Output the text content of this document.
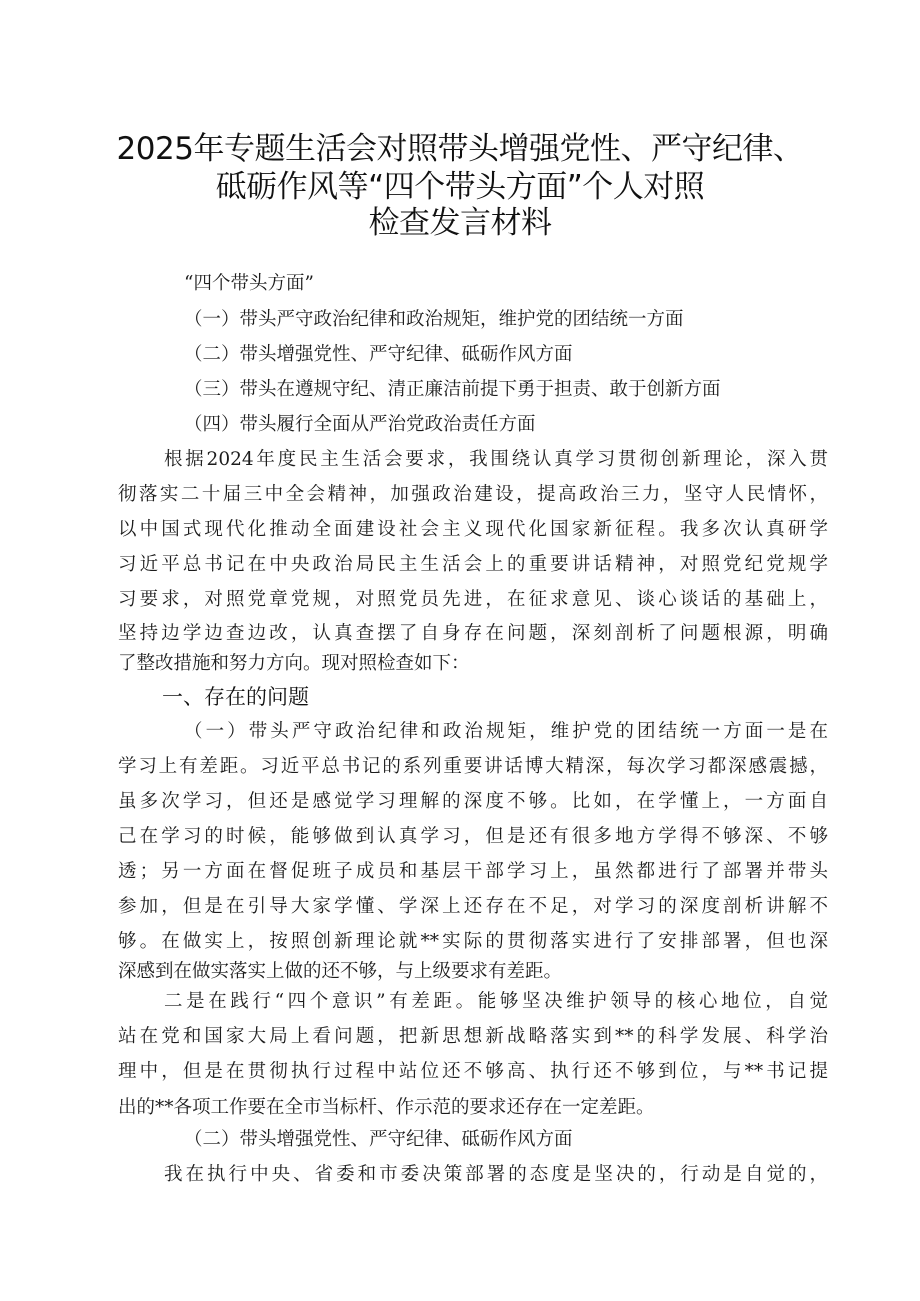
2025年专题生活会对照带头增强党性、严守纪律、
砥砺作风等“四个带头方面”个人对照
检查发言材料
“四个带头方面”
（一）带头严守政治纪律和政治规矩，维护党的团结统一方面
（二）带头增强党性、严守纪律、砥砺作风方面
（三）带头在遵规守纪、清正廉洁前提下勇于担责、敢于创新方面
（四）带头履行全面从严治党政治责任方面
根据2024年度民主生活会要求，我围绕认真学习贯彻创新理论，深入贯
彻落实二十届三中全会精神，加强政治建设，提高政治三力，坚守人民情怀，
以中国式现代化推动全面建设社会主义现代化国家新征程。我多次认真研学
习近平总书记在中央政治局民主生活会上的重要讲话精神，对照党纪党规学
习要求，对照党章党规，对照党员先进，在征求意见、谈心谈话的基础上，
坚持边学边查边改，认真查摆了自身存在问题，深刻剖析了问题根源，明确
了整改措施和努力方向。现对照检查如下：
一、存在的问题
（一）带头严守政治纪律和政治规矩，维护党的团结统一方面一是在
学习上有差距。习近平总书记的系列重要讲话博大精深，每次学习都深感震撼，
虽多次学习，但还是感觉学习理解的深度不够。比如，在学懂上，一方面自
己在学习的时候，能够做到认真学习，但是还有很多地方学得不够深、不够
透；另一方面在督促班子成员和基层干部学习上，虽然都进行了部署并带头
参加，但是在引导大家学懂、学深上还存在不足，对学习的深度剖析讲解不
够。在做实上，按照创新理论就**实际的贯彻落实进行了安排部署，但也深
深感到在做实落实上做的还不够，与上级要求有差距。
二是在践行“四个意识”有差距。能够坚决维护领导的核心地位，自觉
站在党和国家大局上看问题，把新思想新战略落实到**的科学发展、科学治
理中，但是在贯彻执行过程中站位还不够高、执行还不够到位，与**书记提
出的**各项工作要在全市当标杆、作示范的要求还存在一定差距。
（二）带头增强党性、严守纪律、砥砺作风方面
我在执行中央、省委和市委决策部署的态度是坚决的，行动是自觉的，
